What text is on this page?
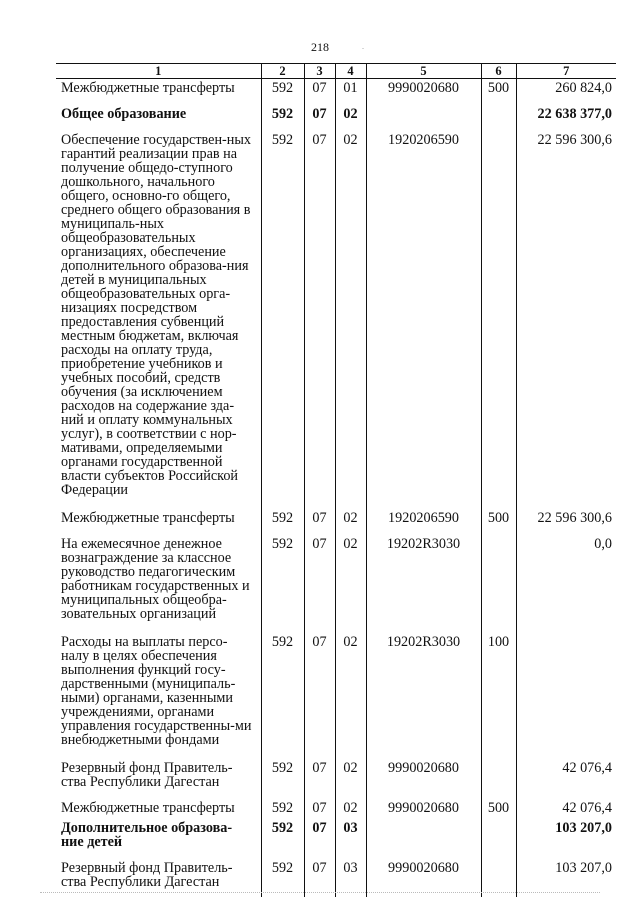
218	.
1	2	3	4	5	6	7
Межбюджетные трансферты	592	07	01	9990020680	500	260 824,0
Общее образование	592	07	02			22 638 377,0
Обеспечение государствен-ных гарантий реализации прав на получение общедо-ступного дошкольного, начального общего, основно-го общего, среднего общего образования в муниципаль-ных общеобразовательных организациях, обеспечение дополнительного образова-ния детей в муниципальных общеобразовательных орга-низациях посредством предоставления субвенций местным бюджетам, включая расходы на оплату труда, приобретение учебников и учебных пособий, средств обучения (за исключением расходов на содержание зда-ний и оплату коммунальных услуг), в соответствии с нор-мативами, определяемыми органами государственной власти субъектов Российской Федерации	592	07	02	1920206590		22 596 300,6
Межбюджетные трансферты	592	07	02	1920206590	500	22 596 300,6
На ежемесячное денежное вознаграждение за классное руководство педагогическим работникам государственных и муниципальных общеобра-зовательных организаций	592	07	02	19202R3030		0,0
Расходы на выплаты персо-налу в целях обеспечения выполнения функций госу-дарственными (муниципаль-ными) органами, казенными учреждениями, органами управления государственны-ми внебюджетными фондами	592	07	02	19202R3030	100	
Резервный фонд Правитель-ства Республики Дагестан	592	07	02	9990020680		42 076,4
Межбюджетные трансферты	592	07	02	9990020680	500	42 076,4
Дополнительное образова-ние детей	592	07	03			103 207,0
Резервный фонд Правитель-ства Республики Дагестан	592	07	03	9990020680		103 207,0
